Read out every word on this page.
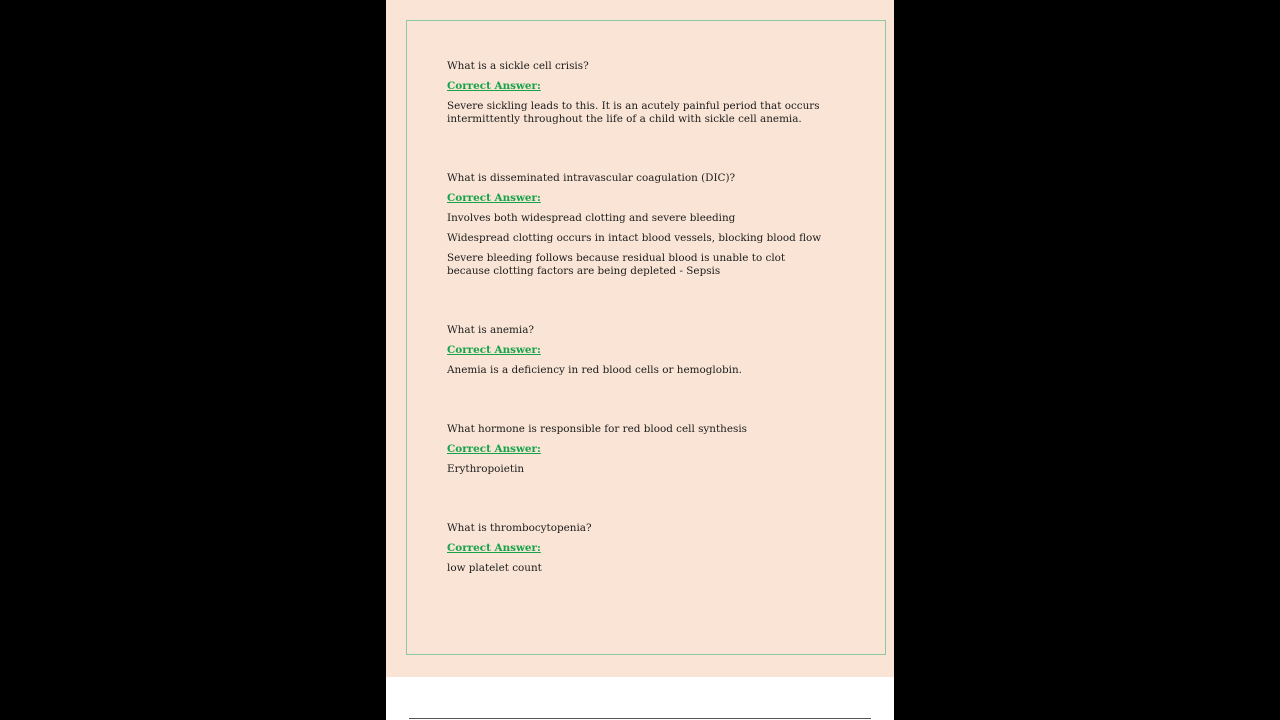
What is a sickle cell crisis?

Correct Answer:

Severe sickling leads to this. It is an acutely painful period that occurs intermittently throughout the life of a child with sickle cell anemia.

What is disseminated intravascular coagulation (DIC)?

Correct Answer:

Involves both widespread clotting and severe bleeding

Widespread clotting occurs in intact blood vessels, blocking blood flow

Severe bleeding follows because residual blood is unable to clot because clotting factors are being depleted - Sepsis

What is anemia?

Correct Answer:

Anemia is a deficiency in red blood cells or hemoglobin.

What hormone is responsible for red blood cell synthesis

Correct Answer:

Erythropoietin

What is thrombocytopenia?

Correct Answer:

low platelet count
